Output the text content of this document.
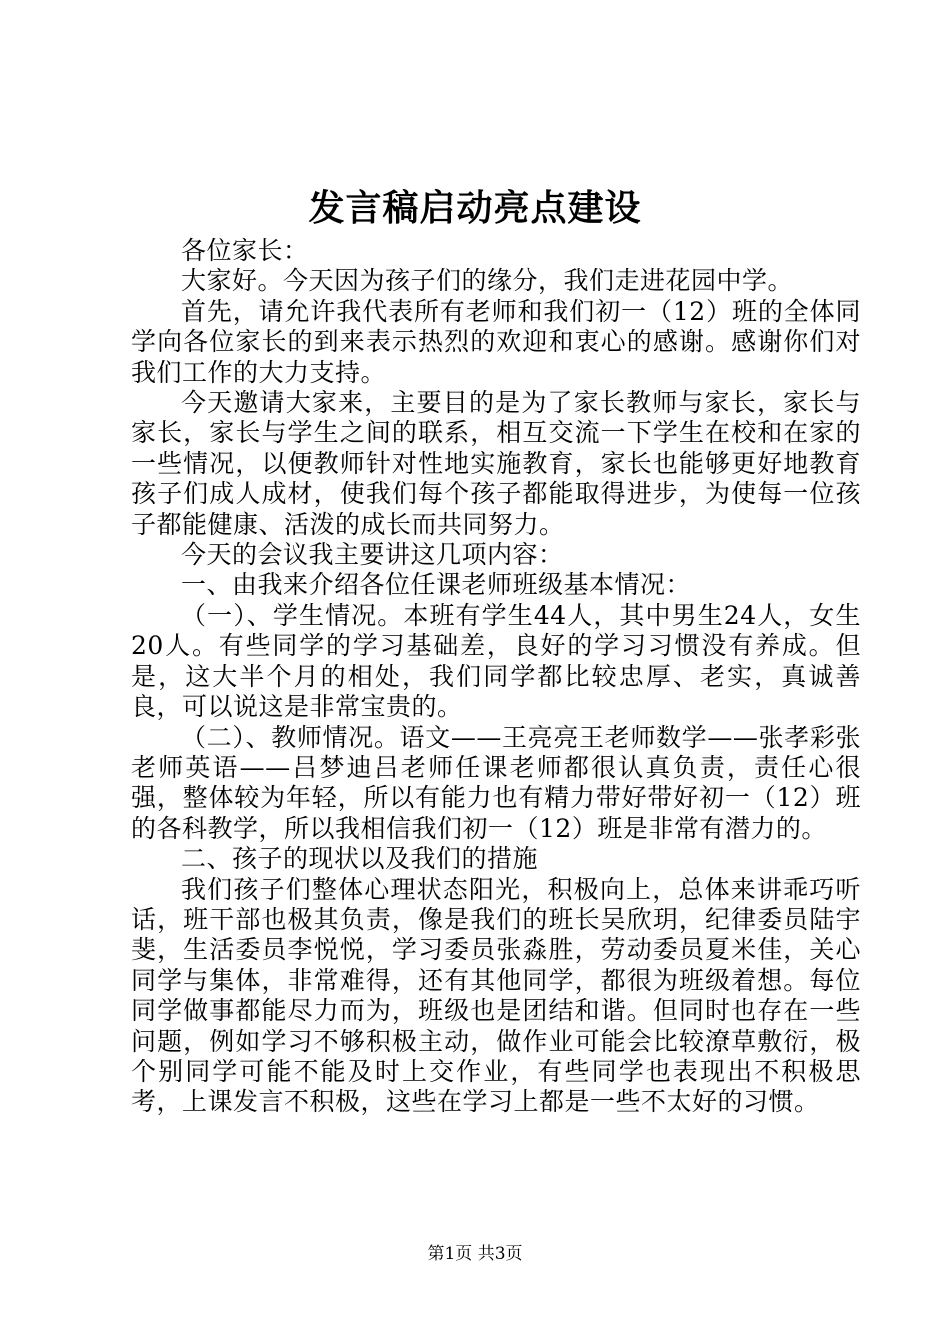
发言稿启动亮点建设

各位家长：

大家好。今天因为孩子们的缘分，我们走进花园中学。

首先，请允许我代表所有老师和我们初一（12）班的全体同学向各位家长的到来表示热烈的欢迎和衷心的感谢。感谢你们对我们工作的大力支持。

今天邀请大家来，主要目的是为了家长教师与家长，家长与家长，家长与学生之间的联系，相互交流一下学生在校和在家的一些情况，以便教师针对性地实施教育，家长也能够更好地教育孩子们成人成材，使我们每个孩子都能取得进步，为使每一位孩子都能健康、活泼的成长而共同努力。

今天的会议我主要讲这几项内容：

一、由我来介绍各位任课老师班级基本情况：

（一）、学生情况。本班有学生44人，其中男生24人，女生20人。有些同学的学习基础差，良好的学习习惯没有养成。但是，这大半个月的相处，我们同学都比较忠厚、老实，真诚善良，可以说这是非常宝贵的。

（二）、教师情况。语文——王亮亮王老师数学——张孝彩张老师英语——吕梦迪吕老师任课老师都很认真负责，责任心很强，整体较为年轻，所以有能力也有精力带好带好初一（12）班的各科教学，所以我相信我们初一（12）班是非常有潜力的。

二、孩子的现状以及我们的措施

我们孩子们整体心理状态阳光，积极向上，总体来讲乖巧听话，班干部也极其负责，像是我们的班长吴欣玥，纪律委员陆宇斐，生活委员李悦悦，学习委员张淼胜，劳动委员夏米佳，关心同学与集体，非常难得，还有其他同学，都很为班级着想。每位同学做事都能尽力而为，班级也是团结和谐。但同时也存在一些问题，例如学习不够积极主动，做作业可能会比较潦草敷衍，极个别同学可能不能及时上交作业，有些同学也表现出不积极思考，上课发言不积极，这些在学习上都是一些不太好的习惯。

第1页 共3页
